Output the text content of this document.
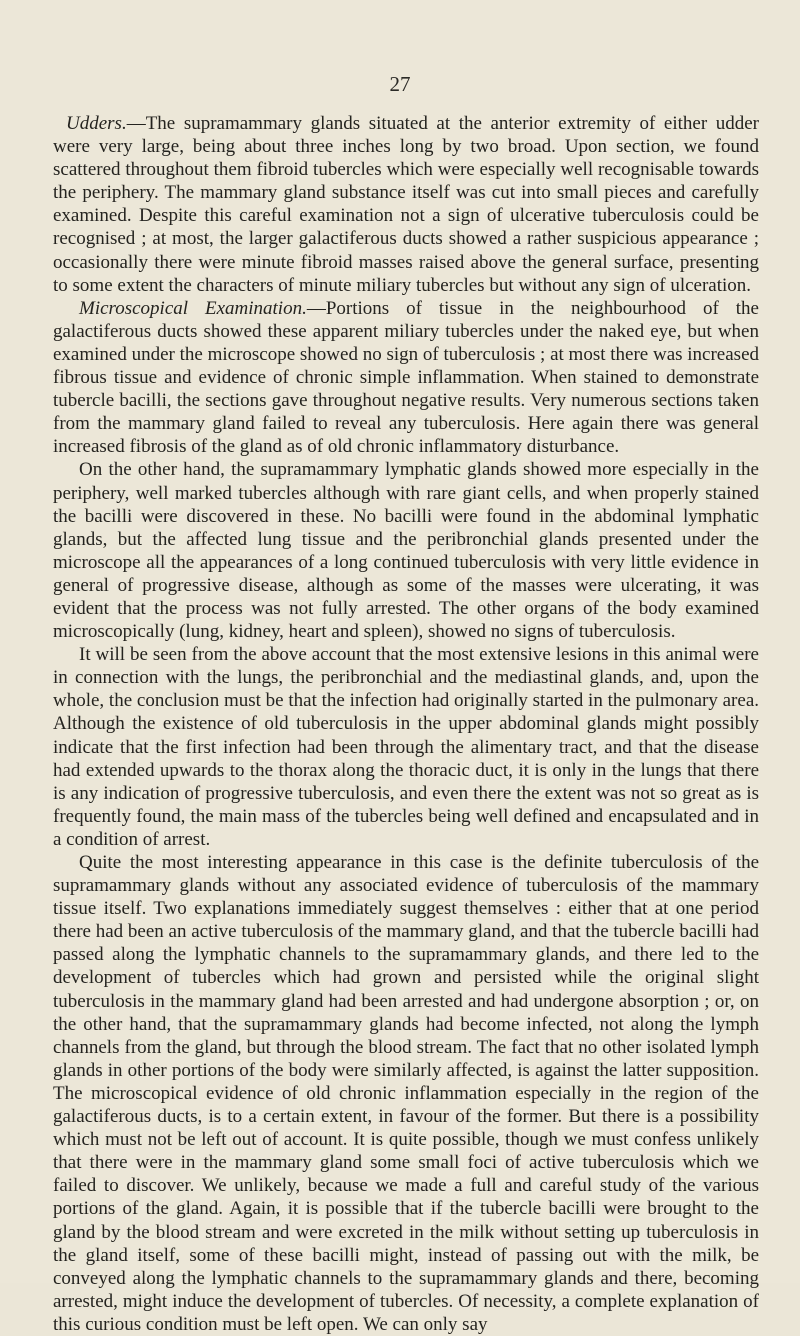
27

Udders.—The supramammary glands situated at the anterior extremity of either udder were very large, being about three inches long by two broad. Upon section, we found scattered throughout them fibroid tubercles which were especially well recognisable towards the periphery. The mammary gland substance itself was cut into small pieces and carefully examined. Despite this careful examination not a sign of ulcerative tuberculosis could be recognised ; at most, the larger galactiferous ducts showed a rather suspicious appearance ; occasionally there were minute fibroid masses raised above the general surface, presenting to some extent the characters of minute miliary tubercles but without any sign of ulceration.

Microscopical Examination.—Portions of tissue in the neighbourhood of the galactiferous ducts showed these apparent miliary tubercles under the naked eye, but when examined under the microscope showed no sign of tuberculosis ; at most there was increased fibrous tissue and evidence of chronic simple inflammation. When stained to demonstrate tubercle bacilli, the sections gave throughout negative results. Very numerous sections taken from the mammary gland failed to reveal any tuberculosis. Here again there was general increased fibrosis of the gland as of old chronic inflammatory disturbance.

On the other hand, the supramammary lymphatic glands showed more especially in the periphery, well marked tubercles although with rare giant cells, and when properly stained the bacilli were discovered in these. No bacilli were found in the abdominal lymphatic glands, but the affected lung tissue and the peribronchial glands presented under the microscope all the appearances of a long continued tuberculosis with very little evidence in general of progressive disease, although as some of the masses were ulcerating, it was evident that the process was not fully arrested. The other organs of the body examined microscopically (lung, kidney, heart and spleen), showed no signs of tuberculosis.

It will be seen from the above account that the most extensive lesions in this animal were in connection with the lungs, the peribronchial and the mediastinal glands, and, upon the whole, the conclusion must be that the infection had originally started in the pulmonary area. Although the existence of old tuberculosis in the upper abdominal glands might possibly indicate that the first infection had been through the alimentary tract, and that the disease had extended upwards to the thorax along the thoracic duct, it is only in the lungs that there is any indication of progressive tuberculosis, and even there the extent was not so great as is frequently found, the main mass of the tubercles being well defined and encapsulated and in a condition of arrest.

Quite the most interesting appearance in this case is the definite tuberculosis of the supramammary glands without any associated evidence of tuberculosis of the mammary tissue itself. Two explanations immediately suggest themselves : either that at one period there had been an active tuberculosis of the mammary gland, and that the tubercle bacilli had passed along the lymphatic channels to the supramammary glands, and there led to the development of tubercles which had grown and persisted while the original slight tuberculosis in the mammary gland had been arrested and had undergone absorption ; or, on the other hand, that the supramammary glands had become infected, not along the lymph channels from the gland, but through the blood stream. The fact that no other isolated lymph glands in other portions of the body were similarly affected, is against the latter supposition. The microscopical evidence of old chronic inflammation especially in the region of the galactiferous ducts, is to a certain extent, in favour of the former. But there is a possibility which must not be left out of account. It is quite possible, though we must confess unlikely that there were in the mammary gland some small foci of active tuberculosis which we failed to discover. We unlikely, because we made a full and careful study of the various portions of the gland. Again, it is possible that if the tubercle bacilli were brought to the gland by the blood stream and were excreted in the milk without setting up tuberculosis in the gland itself, some of these bacilli might, instead of passing out with the milk, be conveyed along the lymphatic channels to the supramammary glands and there, becoming arrested, might induce the development of tubercles. Of necessity, a complete explanation of this curious condition must be left open. We can only say
